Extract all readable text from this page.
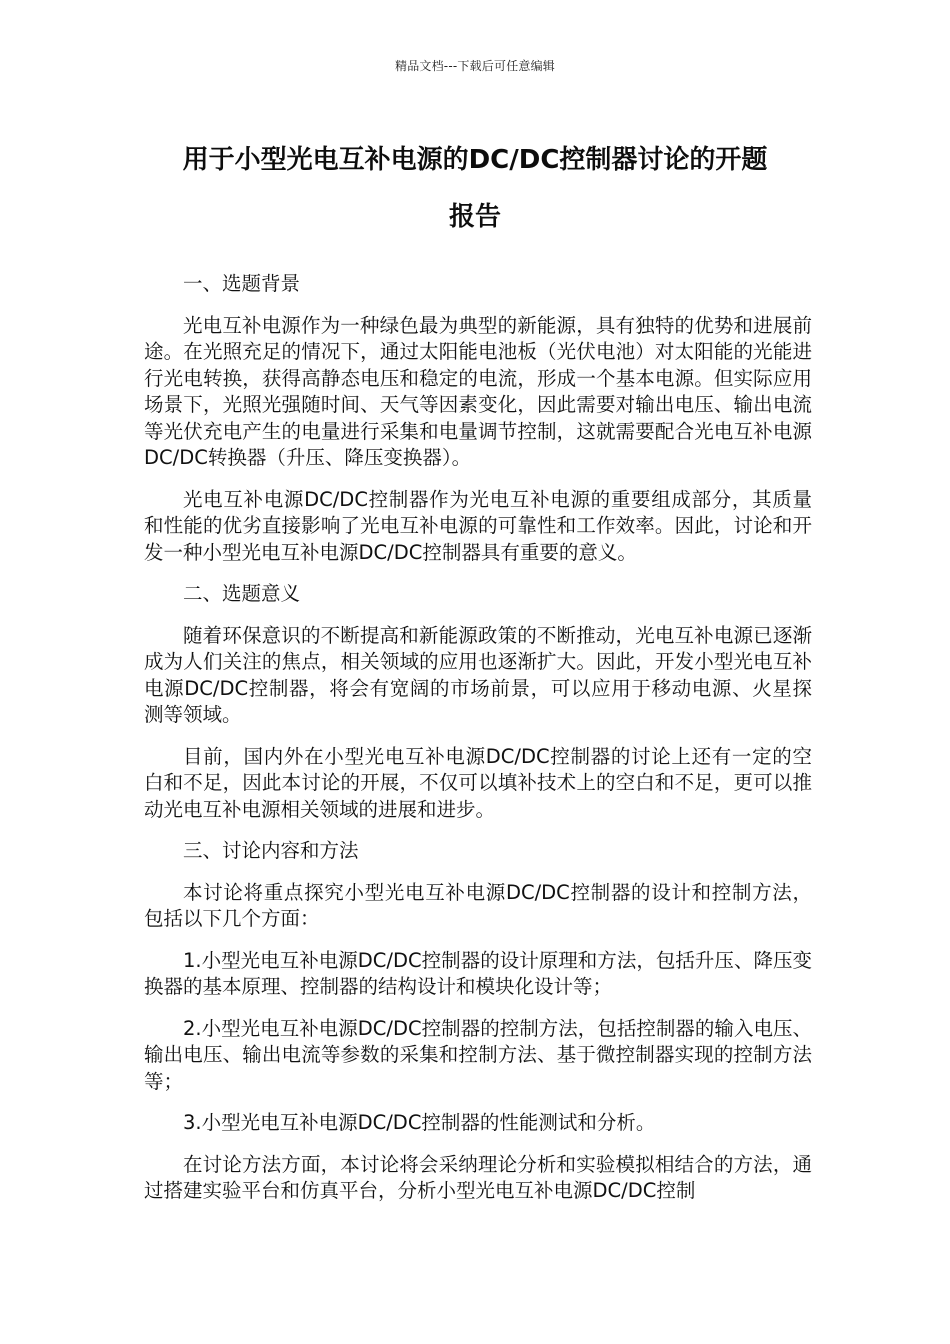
精品文档---下载后可任意编辑
用于小型光电互补电源的DC/DC控制器讨论的开题
报告

一、选题背景

光电互补电源作为一种绿色最为典型的新能源，具有独特的优势和进展前途。在光照充足的情况下，通过太阳能电池板（光伏电池）对太阳能的光能进行光电转换，获得高静态电压和稳定的电流，形成一个基本电源。但实际应用场景下，光照光强随时间、天气等因素变化，因此需要对输出电压、输出电流等光伏充电产生的电量进行采集和电量调节控制，这就需要配合光电互补电源DC/DC转换器（升压、降压变换器）。

光电互补电源DC/DC控制器作为光电互补电源的重要组成部分，其质量和性能的优劣直接影响了光电互补电源的可靠性和工作效率。因此，讨论和开发一种小型光电互补电源DC/DC控制器具有重要的意义。

二、选题意义

随着环保意识的不断提高和新能源政策的不断推动，光电互补电源已逐渐成为人们关注的焦点，相关领域的应用也逐渐扩大。因此，开发小型光电互补电源DC/DC控制器，将会有宽阔的市场前景，可以应用于移动电源、火星探测等领域。

目前，国内外在小型光电互补电源DC/DC控制器的讨论上还有一定的空白和不足，因此本讨论的开展，不仅可以填补技术上的空白和不足，更可以推动光电互补电源相关领域的进展和进步。

三、讨论内容和方法

本讨论将重点探究小型光电互补电源DC/DC控制器的设计和控制方法，包括以下几个方面：

1.小型光电互补电源DC/DC控制器的设计原理和方法，包括升压、降压变换器的基本原理、控制器的结构设计和模块化设计等；

2.小型光电互补电源DC/DC控制器的控制方法，包括控制器的输入电压、输出电压、输出电流等参数的采集和控制方法、基于微控制器实现的控制方法等；

3.小型光电互补电源DC/DC控制器的性能测试和分析。

在讨论方法方面，本讨论将会采纳理论分析和实验模拟相结合的方法，通过搭建实验平台和仿真平台，分析小型光电互补电源DC/DC控制
